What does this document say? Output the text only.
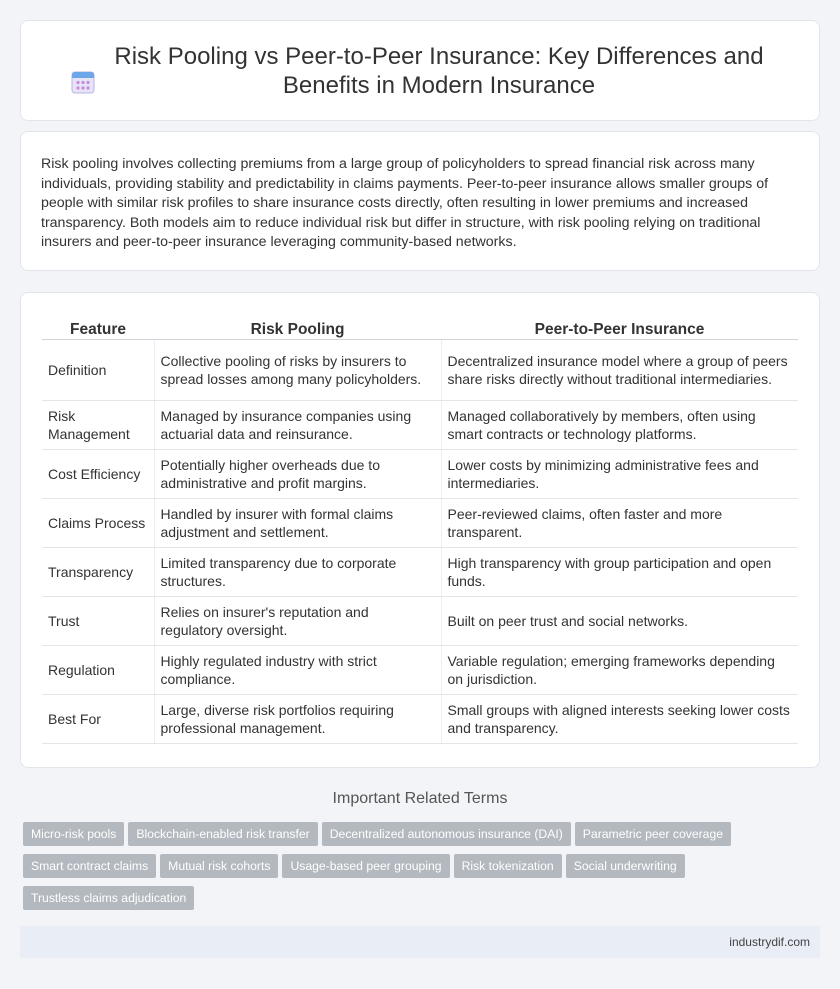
Risk Pooling vs Peer-to-Peer Insurance: Key Differences and Benefits in Modern Insurance

Risk pooling involves collecting premiums from a large group of policyholders to spread financial risk across many individuals, providing stability and predictability in claims payments. Peer-to-peer insurance allows smaller groups of people with similar risk profiles to share insurance costs directly, often resulting in lower premiums and increased transparency. Both models aim to reduce individual risk but differ in structure, with risk pooling relying on traditional insurers and peer-to-peer insurance leveraging community-based networks.

Feature	Risk Pooling	Peer-to-Peer Insurance
Definition	Collective pooling of risks by insurers to spread losses among many policyholders.	Decentralized insurance model where a group of peers share risks directly without traditional intermediaries.
Risk Management	Managed by insurance companies using actuarial data and reinsurance.	Managed collaboratively by members, often using smart contracts or technology platforms.
Cost Efficiency	Potentially higher overheads due to administrative and profit margins.	Lower costs by minimizing administrative fees and intermediaries.
Claims Process	Handled by insurer with formal claims adjustment and settlement.	Peer-reviewed claims, often faster and more transparent.
Transparency	Limited transparency due to corporate structures.	High transparency with group participation and open funds.
Trust	Relies on insurer's reputation and regulatory oversight.	Built on peer trust and social networks.
Regulation	Highly regulated industry with strict compliance.	Variable regulation; emerging frameworks depending on jurisdiction.
Best For	Large, diverse risk portfolios requiring professional management.	Small groups with aligned interests seeking lower costs and transparency.
Important Related Terms
Micro-risk pools Blockchain-enabled risk transfer Decentralized autonomous insurance (DAI) Parametric peer coverage
Smart contract claims Mutual risk cohorts Usage-based peer grouping Risk tokenization Social underwriting
Trustless claims adjudication
industrydif.com
